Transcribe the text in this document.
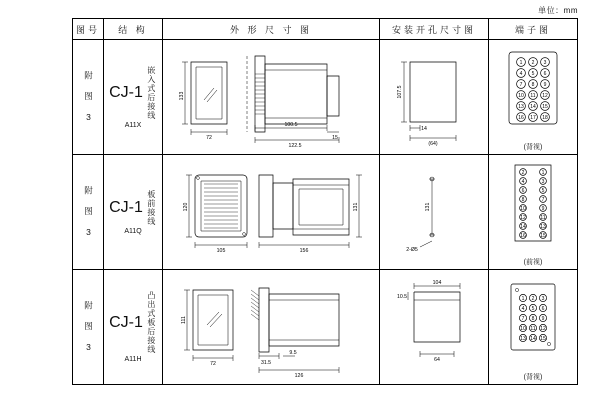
单位：mm
图号	结 构	外 形 尺 寸 图	安装开孔尺寸图	端子图

附 图 3	CJ-1 嵌入式后接线
A11X

133
72
100.5
122.5
15

107.5
14
(64)

1 2 3
4 5 6
7 8 9
10 11 12
13 14 15
16 17 18
(背视)

附 图 3	CJ-1 板前接线
A11Q

120
105	156
131	131
2-Ø5

2	1
4	3
6	5
8	7
10	9
12	11
14	13
16	15
(前视)

附 图 3	CJ-1 凸出式板后接线
A11H

111
72	31.5
9.5
126

10.5
104
64

1 2 3
4 5 6
7 8 9
10 11 12
13 14 15
(背视)
